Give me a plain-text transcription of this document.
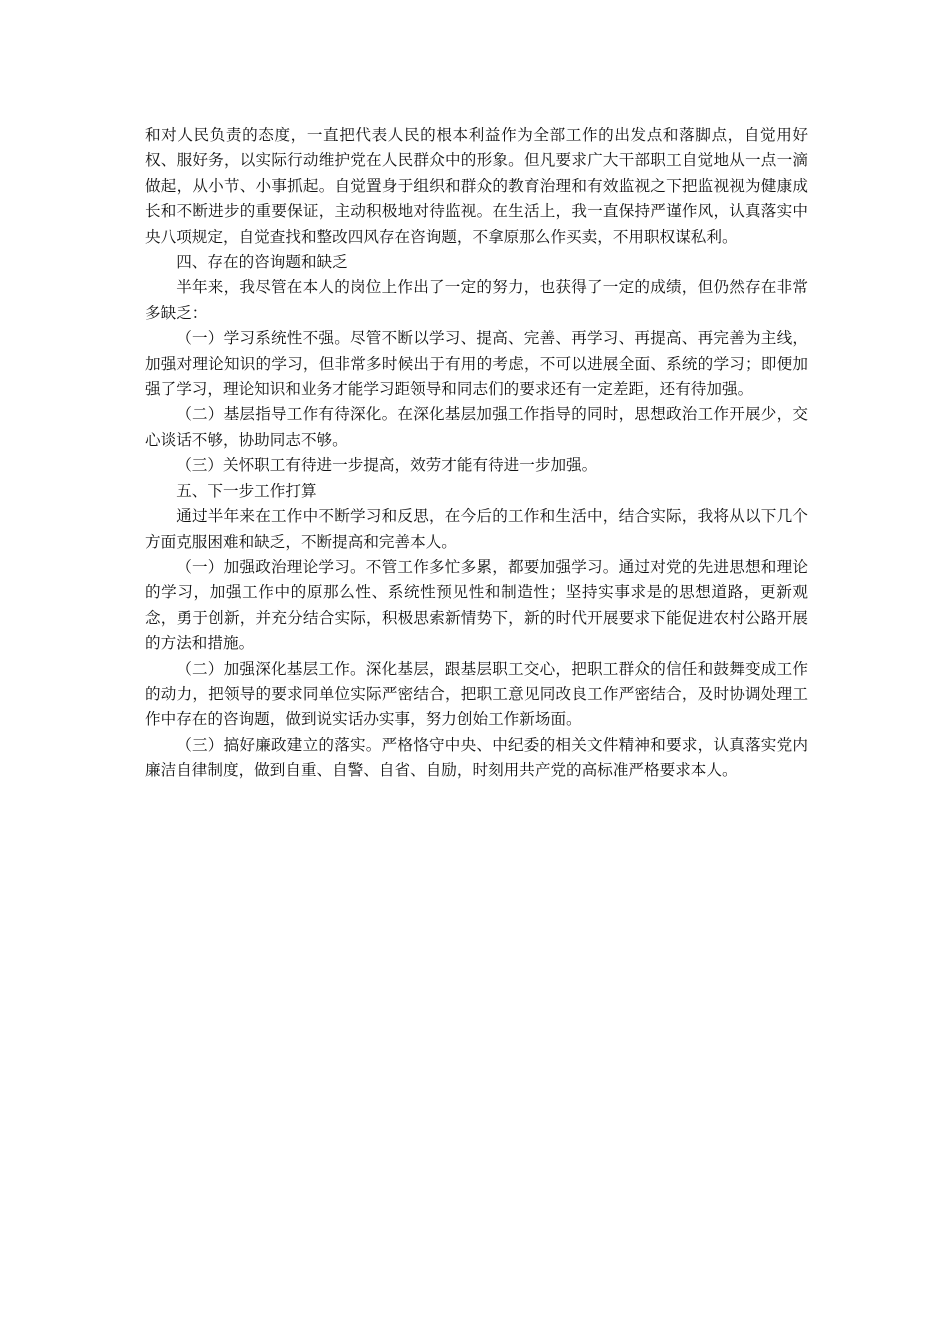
和对人民负责的态度，一直把代表人民的根本利益作为全部工作的出发点和落脚点，自觉用好权、服好务，以实际行动维护党在人民群众中的形象。但凡要求广大干部职工自觉地从一点一滴做起，从小节、小事抓起。自觉置身于组织和群众的教育治理和有效监视之下把监视视为健康成长和不断进步的重要保证，主动积极地对待监视。在生活上，我一直保持严谨作风，认真落实中央八项规定，自觉查找和整改四风存在咨询题，不拿原那么作买卖，不用职权谋私利。

四、存在的咨询题和缺乏

半年来，我尽管在本人的岗位上作出了一定的努力，也获得了一定的成绩，但仍然存在非常多缺乏：

（一）学习系统性不强。尽管不断以学习、提高、完善、再学习、再提高、再完善为主线，加强对理论知识的学习，但非常多时候出于有用的考虑，不可以进展全面、系统的学习；即便加强了学习，理论知识和业务才能学习距领导和同志们的要求还有一定差距，还有待加强。

（二）基层指导工作有待深化。在深化基层加强工作指导的同时，思想政治工作开展少，交心谈话不够，协助同志不够。

（三）关怀职工有待进一步提高，效劳才能有待进一步加强。

五、下一步工作打算

通过半年来在工作中不断学习和反思，在今后的工作和生活中，结合实际，我将从以下几个方面克服困难和缺乏，不断提高和完善本人。

（一）加强政治理论学习。不管工作多忙多累，都要加强学习。通过对党的先进思想和理论的学习，加强工作中的原那么性、系统性预见性和制造性；坚持实事求是的思想道路，更新观念，勇于创新，并充分结合实际，积极思索新情势下，新的时代开展要求下能促进农村公路开展的方法和措施。

（二）加强深化基层工作。深化基层，跟基层职工交心，把职工群众的信任和鼓舞变成工作的动力，把领导的要求同单位实际严密结合，把职工意见同改良工作严密结合，及时协调处理工作中存在的咨询题，做到说实话办实事，努力创始工作新场面。

（三）搞好廉政建立的落实。严格恪守中央、中纪委的相关文件精神和要求，认真落实党内廉洁自律制度，做到自重、自警、自省、自励，时刻用共产党的高标准严格要求本人。
